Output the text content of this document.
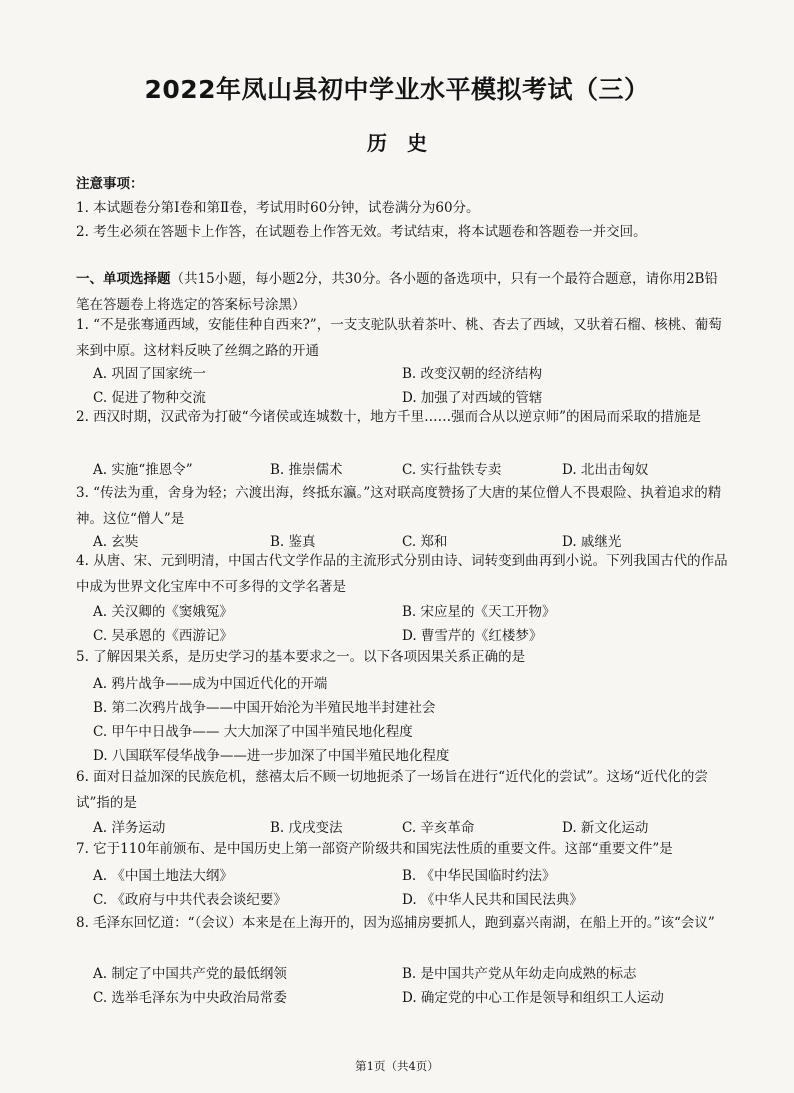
2022年凤山县初中学业水平模拟考试（三）
历史
注意事项：
1. 本试题卷分第Ⅰ卷和第Ⅱ卷，考试用时60分钟，试卷满分为60分。
2. 考生必须在答题卡上作答，在试题卷上作答无效。考试结束，将本试题卷和答题卷一并交回。
一、单项选择题（共15小题，每小题2分，共30分。各小题的备选项中，只有一个最符合题意，请你用2B铅笔在答题卷上将选定的答案标号涂黑）
1. “不是张骞通西域，安能佳种自西来?”，一支支驼队驮着茶叶、桃、杏去了西域，又驮着石榴、核桃、葡萄来到中原。这材料反映了丝绸之路的开通
A. 巩固了国家统一	B. 改变汉朝的经济结构
C. 促进了物种交流	D. 加强了对西域的管辖
2. 西汉时期，汉武帝为打破“今诸侯或连城数十，地方千里……强而合从以逆京师”的困局而采取的措施是
A. 实施“推恩令”	B. 推崇儒术	C. 实行盐铁专卖	D. 北出击匈奴
3. “传法为重，舍身为轻；六渡出海，终抵东瀛。”这对联高度赞扬了大唐的某位僧人不畏艰险、执着追求的精神。这位“僧人”是
A. 玄奘	B. 鉴真	C. 郑和	D. 戚继光
4. 从唐、宋、元到明清，中国古代文学作品的主流形式分别由诗、词转变到曲再到小说。下列我国古代的作品中成为世界文化宝库中不可多得的文学名著是
A. 关汉卿的《窦娥冤》	B. 宋应星的《天工开物》
C. 吴承恩的《西游记》	D. 曹雪芹的《红楼梦》
5. 了解因果关系，是历史学习的基本要求之一。以下各项因果关系正确的是
A. 鸦片战争——成为中国近代化的开端
B. 第二次鸦片战争——中国开始沦为半殖民地半封建社会
C. 甲午中日战争—— 大大加深了中国半殖民地化程度
D. 八国联军侵华战争——进一步加深了中国半殖民地化程度
6. 面对日益加深的民族危机，慈禧太后不顾一切地扼杀了一场旨在进行“近代化的尝试”。这场“近代化的尝试”指的是
A. 洋务运动	B. 戊戌变法	C. 辛亥革命	D. 新文化运动
7. 它于110年前颁布、是中国历史上第一部资产阶级共和国宪法性质的重要文件。这部“重要文件”是
A. 《中国土地法大纲》	B. 《中华民国临时约法》
C. 《政府与中共代表会谈纪要》	D. 《中华人民共和国民法典》
8. 毛泽东回忆道：“（会议）本来是在上海开的，因为巡捕房要抓人，跑到嘉兴南湖，在船上开的。”该“会议”
A. 制定了中国共产党的最低纲领	B. 是中国共产党从年幼走向成熟的标志
C. 选举毛泽东为中央政治局常委	D. 确定党的中心工作是领导和组织工人运动
第1页（共4页）
